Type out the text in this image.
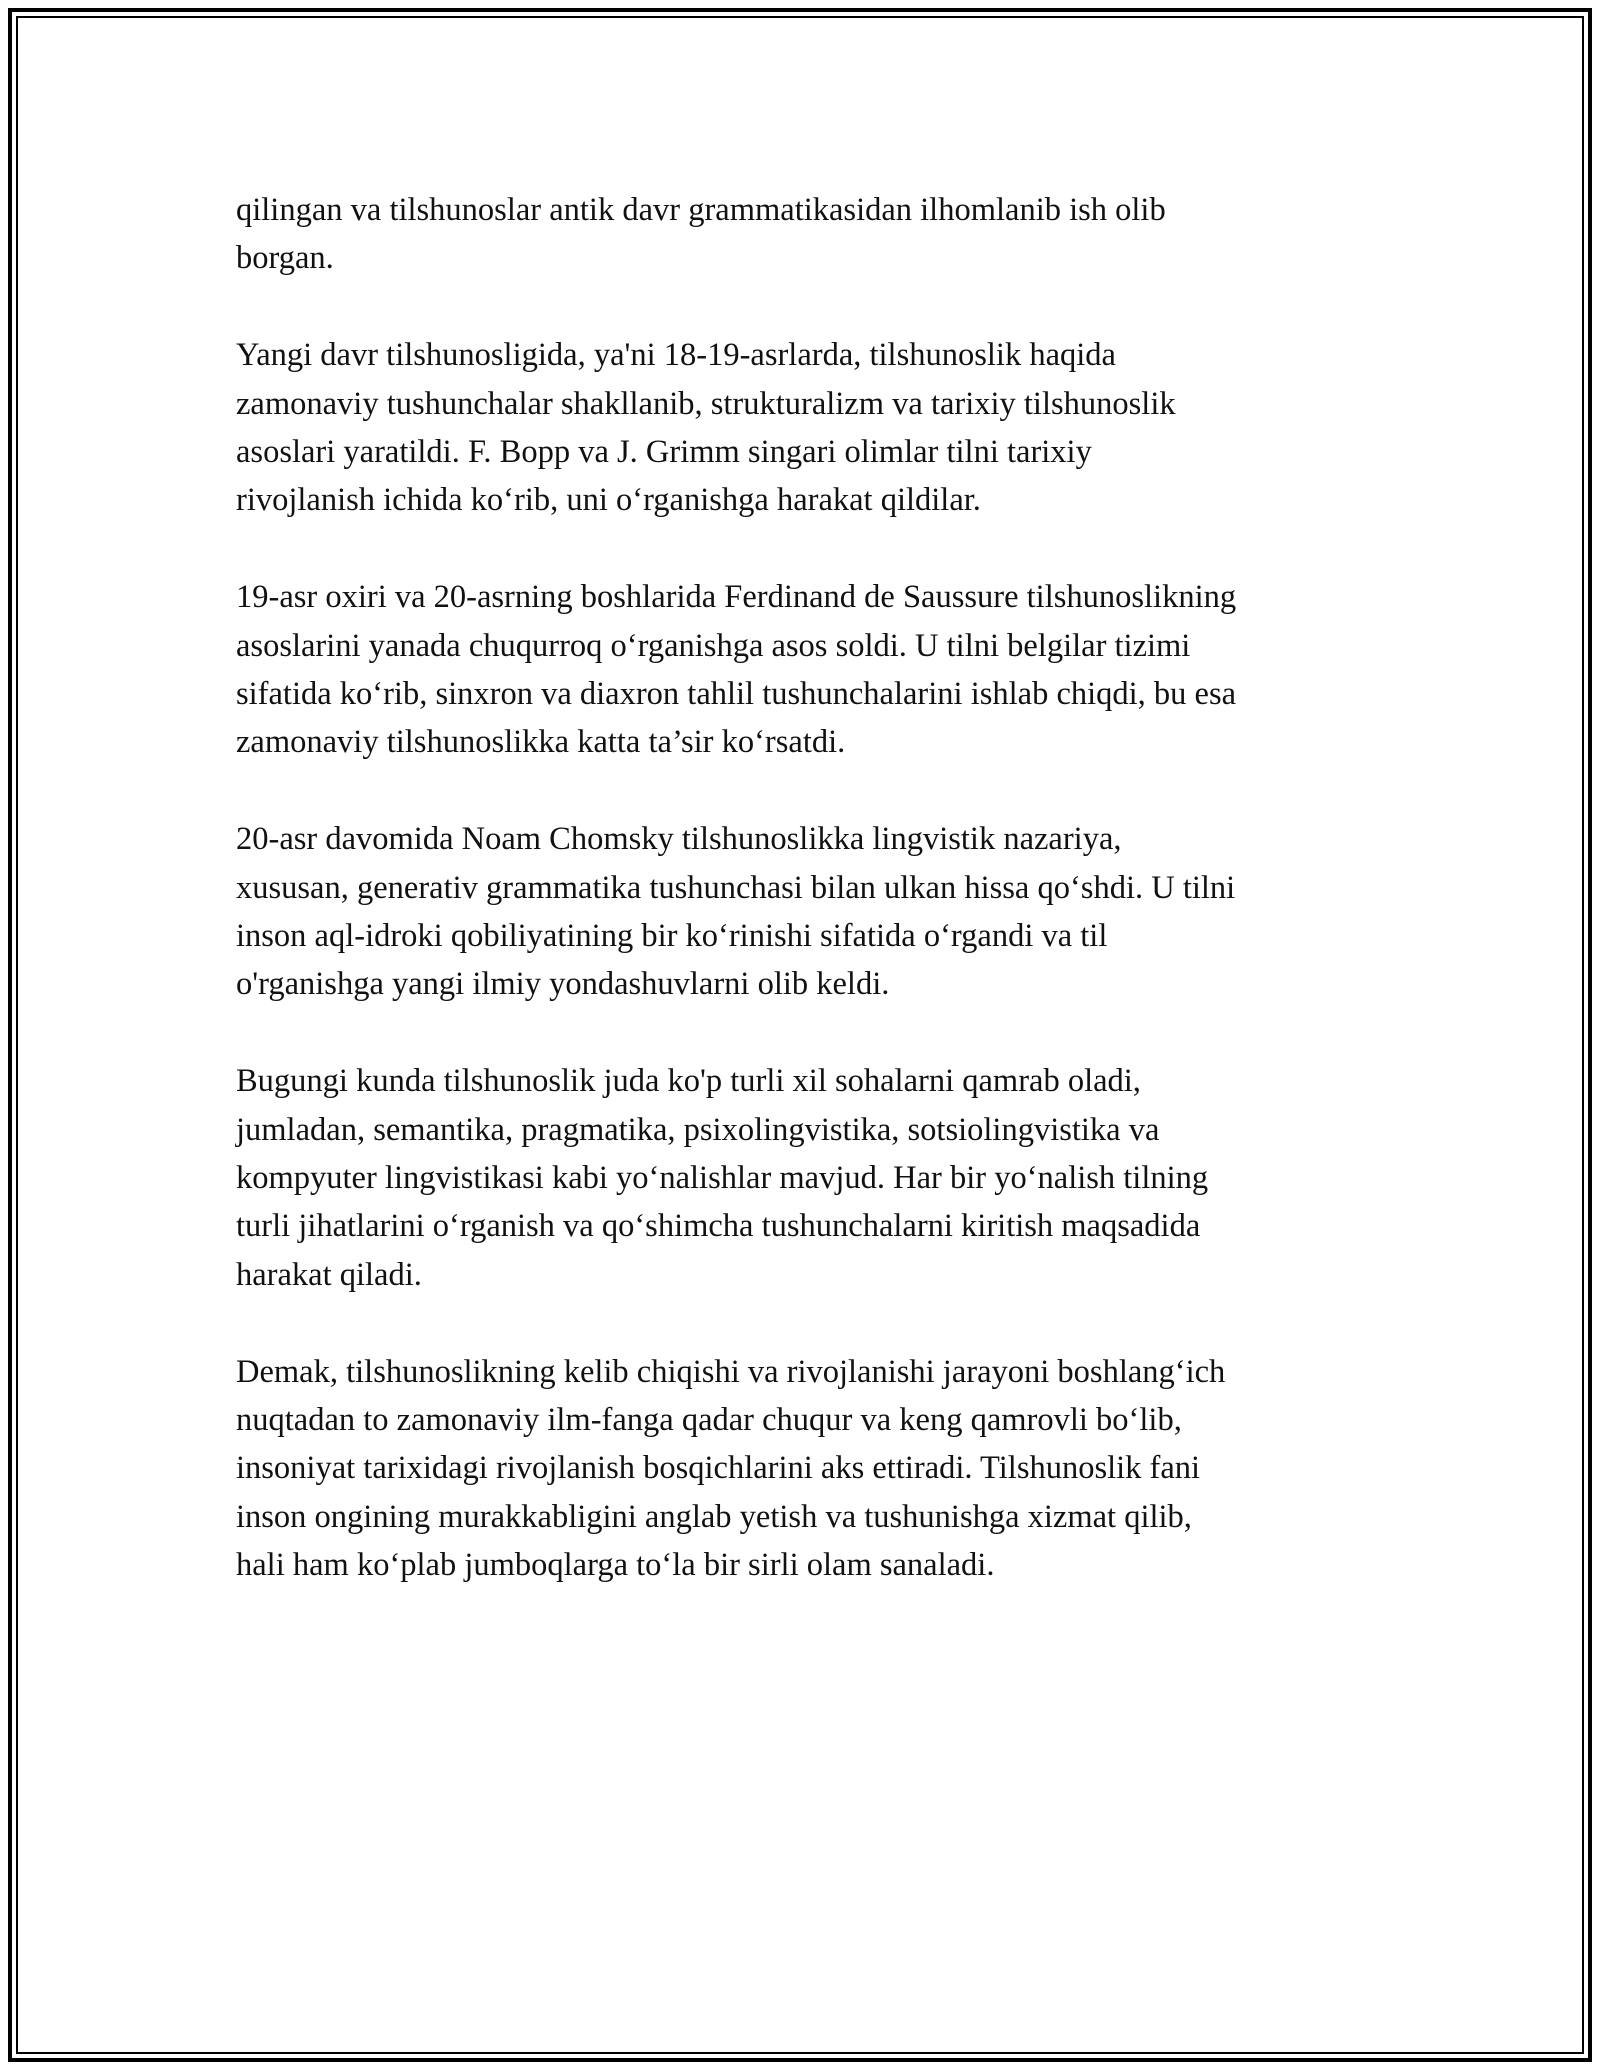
qilingan va tilshunoslar antik davr grammatikasidan ilhomlanib ish olib
borgan.

Yangi davr tilshunosligida, ya'ni 18-19-asrlarda, tilshunoslik haqida
zamonaviy tushunchalar shakllanib, strukturalizm va tarixiy tilshunoslik
asoslari yaratildi. F. Bopp va J. Grimm singari olimlar tilni tarixiy
rivojlanish ichida ko‘rib, uni o‘rganishga harakat qildilar.

19-asr oxiri va 20-asrning boshlarida Ferdinand de Saussure tilshunoslikning
asoslarini yanada chuqurroq o‘rganishga asos soldi. U tilni belgilar tizimi
sifatida ko‘rib, sinxron va diaxron tahlil tushunchalarini ishlab chiqdi, bu esa
zamonaviy tilshunoslikka katta ta’sir ko‘rsatdi.

20-asr davomida Noam Chomsky tilshunoslikka lingvistik nazariya,
xususan, generativ grammatika tushunchasi bilan ulkan hissa qo‘shdi. U tilni
inson aql-idroki qobiliyatining bir ko‘rinishi sifatida o‘rgandi va til
o'rganishga yangi ilmiy yondashuvlarni olib keldi.

Bugungi kunda tilshunoslik juda ko'p turli xil sohalarni qamrab oladi,
jumladan, semantika, pragmatika, psixolingvistika, sotsiolingvistika va
kompyuter lingvistikasi kabi yo‘nalishlar mavjud. Har bir yo‘nalish tilning
turli jihatlarini o‘rganish va qo‘shimcha tushunchalarni kiritish maqsadida
harakat qiladi.

Demak, tilshunoslikning kelib chiqishi va rivojlanishi jarayoni boshlang‘ich
nuqtadan to zamonaviy ilm-fanga qadar chuqur va keng qamrovli bo‘lib,
insoniyat tarixidagi rivojlanish bosqichlarini aks ettiradi. Tilshunoslik fani
inson ongining murakkabligini anglab yetish va tushunishga xizmat qilib,
hali ham ko‘plab jumboqlarga to‘la bir sirli olam sanaladi.
